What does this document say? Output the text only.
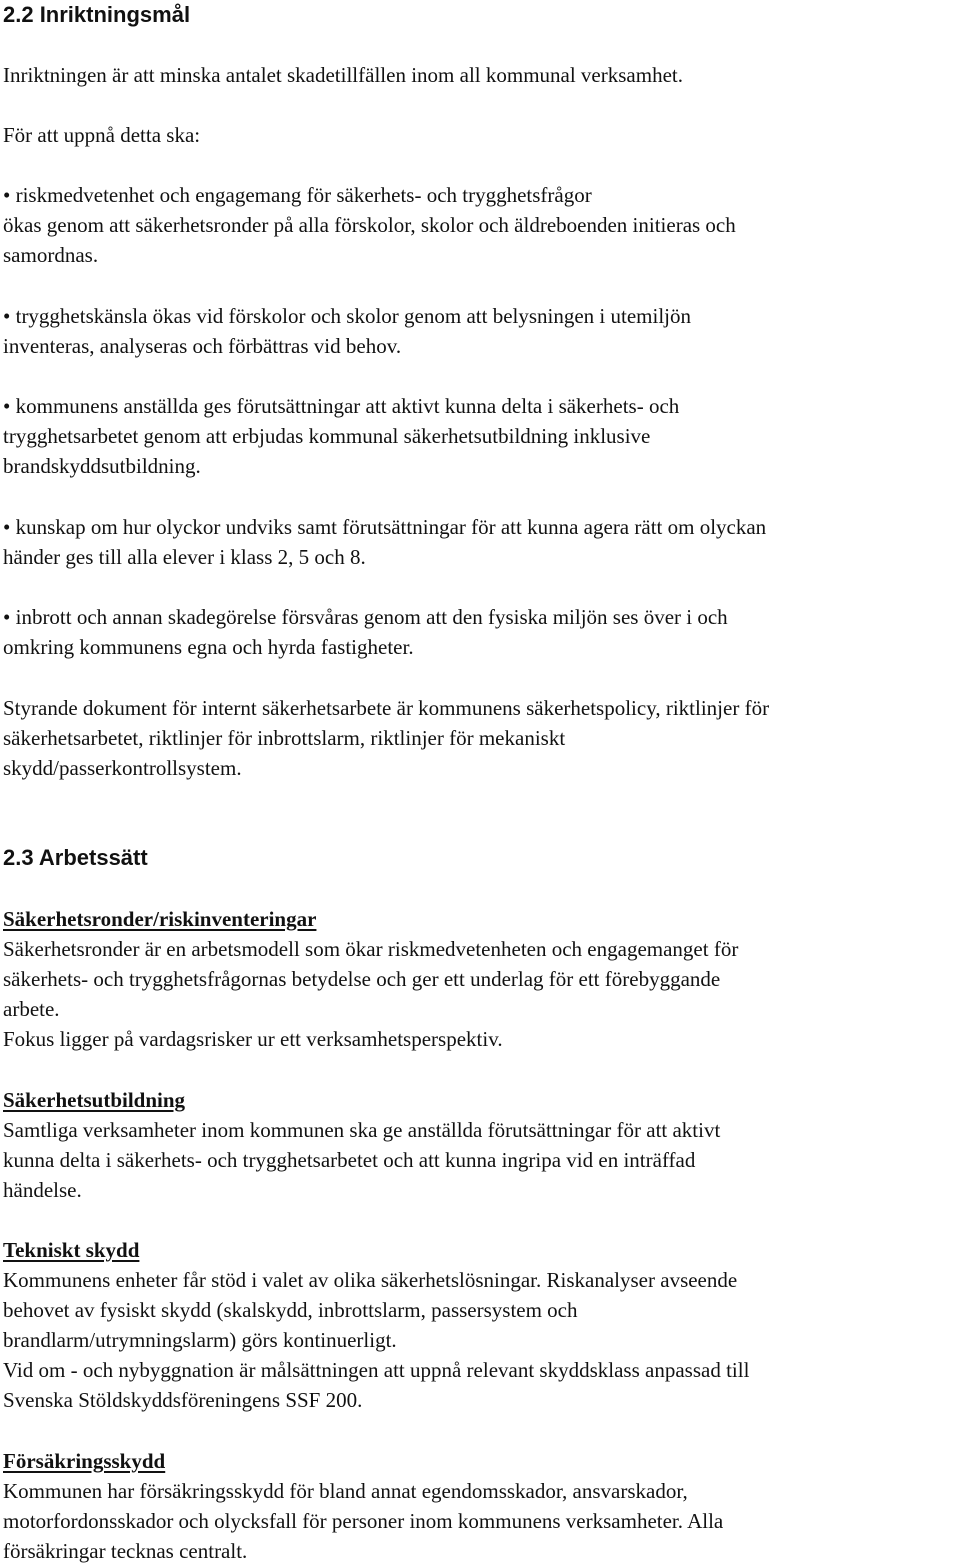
2.2 Inriktningsmål

Inriktningen är att minska antalet skadetillfällen inom all kommunal verksamhet.

För att uppnå detta ska:

• riskmedvetenhet och engagemang för säkerhets- och trygghetsfrågor
ökas genom att säkerhetsronder på alla förskolor, skolor och äldreboenden initieras och
samordnas.

• trygghetskänsla ökas vid förskolor och skolor genom att belysningen i utemiljön
inventeras, analyseras och förbättras vid behov.

• kommunens anställda ges förutsättningar att aktivt kunna delta i säkerhets- och
trygghetsarbetet genom att erbjudas kommunal säkerhetsutbildning inklusive
brandskyddsutbildning.

• kunskap om hur olyckor undviks samt förutsättningar för att kunna agera rätt om olyckan
händer ges till alla elever i klass 2, 5 och 8.

• inbrott och annan skadegörelse försvåras genom att den fysiska miljön ses över i och
omkring kommunens egna och hyrda fastigheter.

Styrande dokument för internt säkerhetsarbete är kommunens säkerhetspolicy, riktlinjer för
säkerhetsarbetet, riktlinjer för inbrottslarm, riktlinjer för mekaniskt
skydd/passerkontrollsystem.

2.3 Arbetssätt

Säkerhetsronder/riskinventeringar
Säkerhetsronder är en arbetsmodell som ökar riskmedvetenheten och engagemanget för
säkerhets- och trygghetsfrågornas betydelse och ger ett underlag för ett förebyggande
arbete.
Fokus ligger på vardagsrisker ur ett verksamhetsperspektiv.

Säkerhetsutbildning
Samtliga verksamheter inom kommunen ska ge anställda förutsättningar för att aktivt
kunna delta i säkerhets- och trygghetsarbetet och att kunna ingripa vid en inträffad
händelse.

Tekniskt skydd
Kommunens enheter får stöd i valet av olika säkerhetslösningar. Riskanalyser avseende
behovet av fysiskt skydd (skalskydd, inbrottslarm, passersystem och
brandlarm/utrymningslarm) görs kontinuerligt.
Vid om - och nybyggnation är målsättningen att uppnå relevant skyddsklass anpassad till
Svenska Stöldskyddsföreningens SSF 200.

Försäkringsskydd
Kommunen har försäkringsskydd för bland annat egendomsskador, ansvarskador,
motorfordonsskador och olycksfall för personer inom kommunens verksamheter. Alla
försäkringar tecknas centralt.
